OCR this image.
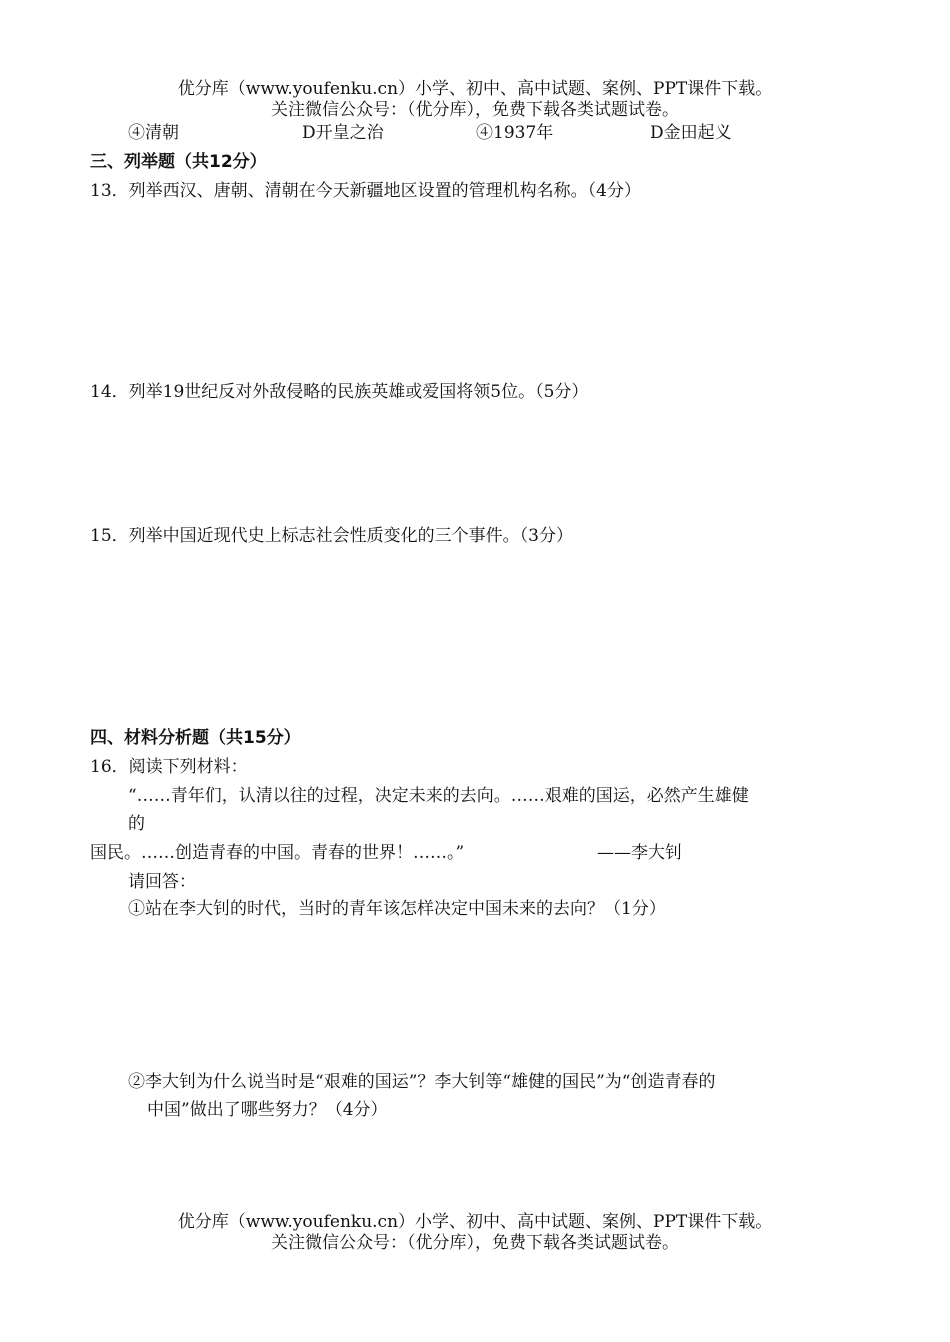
优分库（www.youfenku.cn）小学、初中、高中试题、案例、PPT课件下载。
关注微信公众号：（优分库），免费下载各类试题试卷。
④清朝	D开皇之治	④1937年	D金田起义
三、列举题（共12分）
13．列举西汉、唐朝、清朝在今天新疆地区设置的管理机构名称。（4分）
14．列举19世纪反对外敌侵略的民族英雄或爱国将领5位。（5分）
15．列举中国近现代史上标志社会性质变化的三个事件。（3分）
四、材料分析题（共15分）
16．阅读下列材料：
“……青年们，认清以往的过程，决定未来的去向。……艰难的国运，必然产生雄健
的
国民。……创造青春的中国。青春的世界！……。”	——李大钊
请回答：
①站在李大钊的时代，当时的青年该怎样决定中国未来的去向？（1分）
②李大钊为什么说当时是“艰难的国运”？李大钊等“雄健的国民”为“创造青春的
中国”做出了哪些努力？（4分）
优分库（www.youfenku.cn）小学、初中、高中试题、案例、PPT课件下载。
关注微信公众号：（优分库），免费下载各类试题试卷。
